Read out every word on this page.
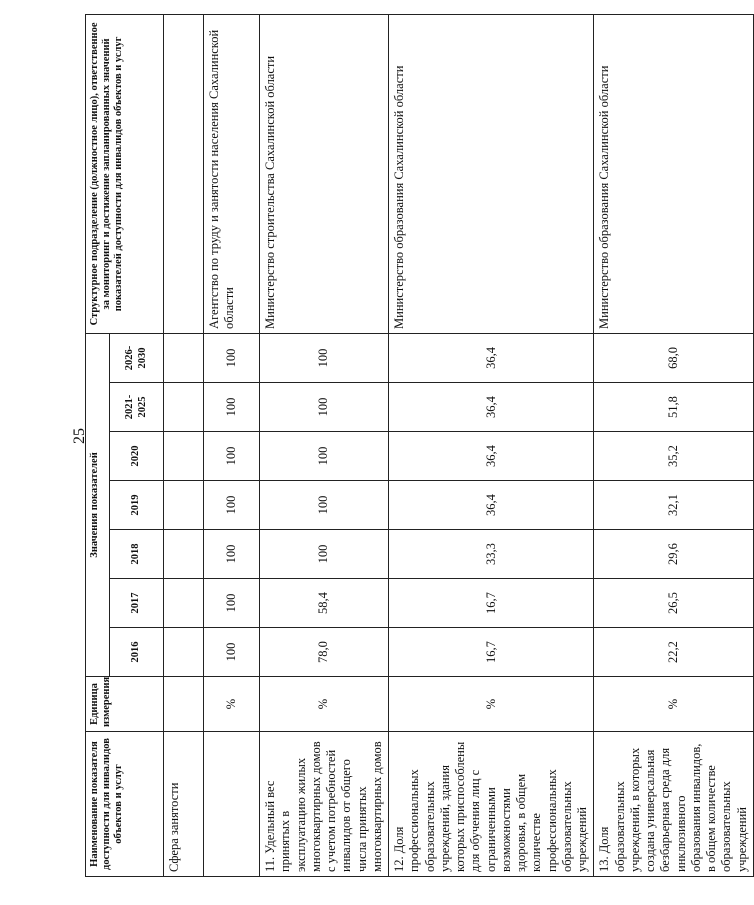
25
Наименование показателя доступности для инвалидов объектов и услуг	Единица измерения	Значения показателей							Структурное подразделение (должностное лицо), ответственное за мониторинг и достижение запланированных значений показателей доступности для инвалидов объектов и услуг
		2016	2017	2018	2019	2020	2021-2025	2026-2030	
Сфера занятости									
	%	100	100	100	100	100	100	100	Агентство по труду и занятости населения Сахалинской области
11. Удельный вес принятых в эксплуатацию жилых многоквартирных домов с учетом потребностей инвалидов от общего числа принятых многоквартирных домов	%	78,0	58,4	100	100	100	100	100	Министерство строительства Сахалинской области
12. Доля профессиональных образовательных учреждений, здания которых приспособлены для обучения лиц с ограниченными возможностями здоровья, в общем количестве профессиональных образовательных учреждений	%	16,7	16,7	33,3	36,4	36,4	36,4	36,4	Министерство образования Сахалинской области
13. Доля образовательных учреждений, в которых создана универсальная безбарьерная среда для инклюзивного образования инвалидов, в общем количестве образовательных учреждений	%	22,2	26,5	29,6	32,1	35,2	51,8	68,0	Министерство образования Сахалинской области
